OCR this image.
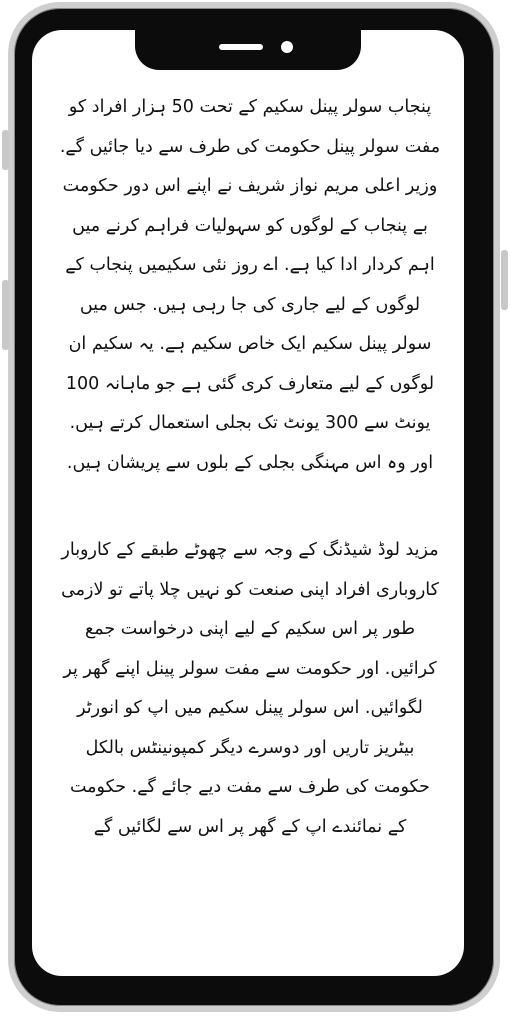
پنجاب سولر پینل سکیم کے تحت 50 ہزار افراد کو مفت سولر پینل حکومت کی طرف سے دیا جائیں گے. وزیر اعلی مریم نواز شریف نے اپنے اس دور حکومت بے پنجاب کے لوگوں کو سہولیات فراہم کرنے میں اہم کردار ادا کیا ہے. اے روز نئی سکیمیں پنجاب کے لوگوں کے لیے جاری کی جا رہی ہیں. جس میں سولر پینل سکیم ایک خاص سکیم ہے. یہ سکیم ان لوگوں کے لیے متعارف کری گئی ہے جو ماہانہ 100 یونٹ سے 300 یونٹ تک بجلی استعمال کرتے ہیں. اور وہ اس مہنگی بجلی کے بلوں سے پریشان ہیں.

مزید لوڈ شیڈنگ کے وجہ سے چھوٹے طبقے کے کاروبار کاروباری افراد اپنی صنعت کو نہیں چلا پاتے تو لازمی طور پر اس سکیم کے لیے اپنی درخواست جمع کرائیں. اور حکومت سے مفت سولر پینل اپنے گھر پر لگوائیں. اس سولر پینل سکیم میں اپ کو انورٹر بیٹریز تاریں اور دوسرے دیگر کمپونینٹس بالکل حکومت کی طرف سے مفت دیے جائے گے. حکومت کے نمائندے اپ کے گھر پر اس سے لگائیں گے
